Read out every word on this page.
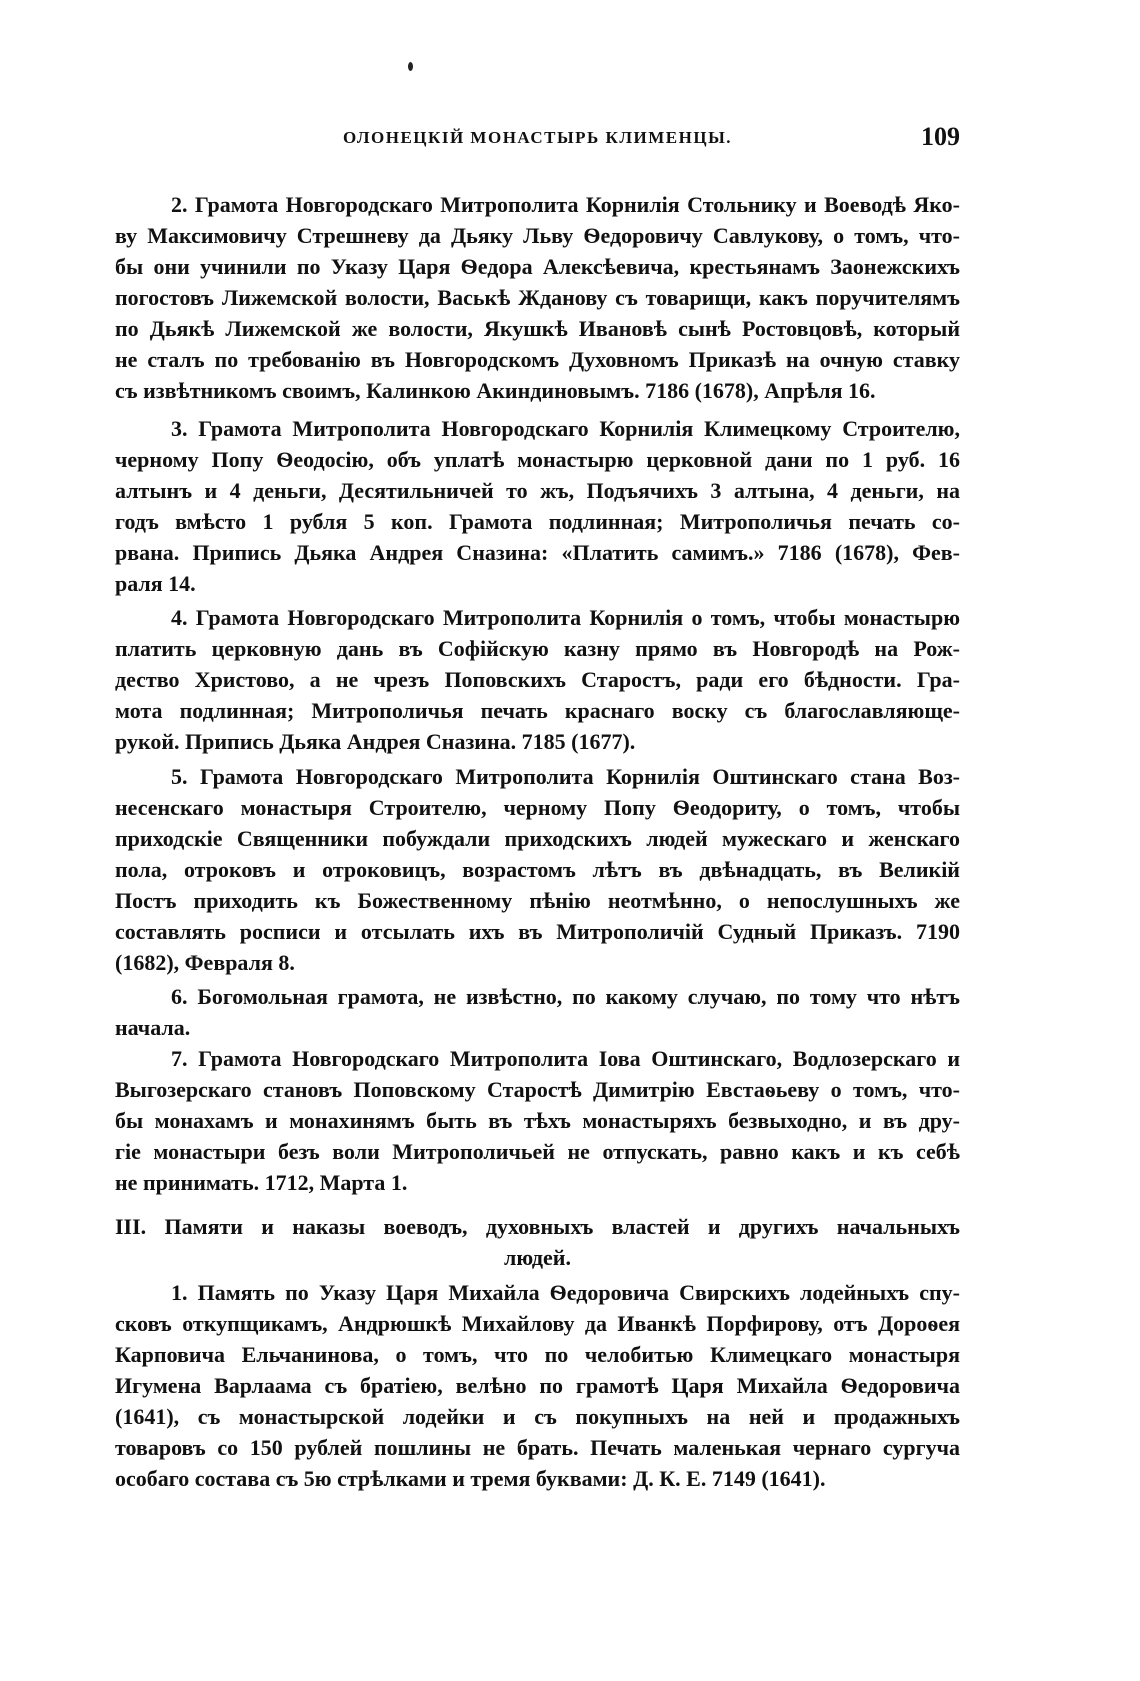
ОЛОНЕЦКІЙ МОНАСТЫРЬ КЛИМЕНЦЫ.	109
2. Грамота Новгородскаго Митрополита Корнилія Стольнику и Воеводѣ Яко-
ву Максимовичу Стрешневу да Дьяку Льву Ѳедоровичу Савлукову, о томъ, что-
бы они учинили по Указу Царя Ѳедора Алексѣевича, крестьянамъ Заонежскихъ
погостовъ Лижемской волости, Васькѣ Жданову съ товарищи, какъ поручителямъ
по Дьякѣ Лижемской же волости, Якушкѣ Ивановѣ сынѣ Ростовцовѣ, который
не сталъ по требованію въ Новгородскомъ Духовномъ Приказѣ на очную ставку
съ извѣтникомъ своимъ, Калинкою Акиндиновымъ. 7186 (1678), Апрѣля 16.
3. Грамота Митрополита Новгородскаго Корнилія Климецкому Строителю,
черному Попу Ѳеодосію, объ уплатѣ монастырю церковной дани по 1 руб. 16
алтынъ и 4 деньги, Десятильничей то жъ, Подъячихъ 3 алтына, 4 деньги, на
годъ вмѣсто 1 рубля 5 коп. Грамота подлинная; Митрополичья печать со-
рвана. Припись Дьяка Андрея Сназина: «Платить самимъ.» 7186 (1678), Фев-
раля 14.
4. Грамота Новгородскаго Митрополита Корнилія о томъ, чтобы монастырю
платить церковную дань въ Софійскую казну прямо въ Новгородѣ на Рож-
дество Христово, а не чрезъ Поповскихъ Старостъ, ради его бѣдности. Гра-
мота подлинная; Митрополичья печать краснаго воску съ благославляюще-
рукой. Припись Дьяка Андрея Сназина. 7185 (1677).
5. Грамота Новгородскаго Митрополита Корнилія Оштинскаго стана Воз-
несенскаго монастыря Строителю, черному Попу Ѳеодориту, о томъ, чтобы
приходскіе Священники побуждали приходскихъ людей мужескаго и женскаго
пола, отроковъ и отроковицъ, возрастомъ лѣтъ въ двѣнадцать, въ Великій
Постъ приходить къ Божественному пѣнію неотмѣнно, о непослушныхъ же
составлять росписи и отсылать ихъ въ Митрополичій Судный Приказъ. 7190
(1682), Февраля 8.
6. Богомольная грамота, не извѣстно, по какому случаю, по тому что нѣтъ
начала.
7. Грамота Новгородскаго Митрополита Іова Оштинскаго, Водлозерскаго и
Выгозерскаго становъ Поповскому Старостѣ Димитрію Евстаѳьеву о томъ, что-
бы монахамъ и монахинямъ быть въ тѣхъ монастыряхъ безвыходно, и въ дру-
гіе монастыри безъ воли Митрополичьей не отпускать, равно какъ и къ себѣ
не принимать. 1712, Марта 1.
III. Памяти и наказы воеводъ, духовныхъ властей и другихъ начальныхъ
людей.
1. Память по Указу Царя Михайла Ѳедоровича Свирскихъ лодейныхъ спу-
сковъ откупщикамъ, Андрюшкѣ Михайлову да Иванкѣ Порфирову, отъ Дороѳея
Карповича Ельчанинова, о томъ, что по челобитью Климецкаго монастыря
Игумена Варлаама съ братіею, велѣно по грамотѣ Царя Михайла Ѳедоровича
(1641), съ монастырской лодейки и съ покупныхъ на ней и продажныхъ
товаровъ со 150 рублей пошлины не брать. Печать маленькая чернаго сургуча
особаго состава съ 5ю стрѣлками и тремя буквами: Д. К. Е. 7149 (1641).
